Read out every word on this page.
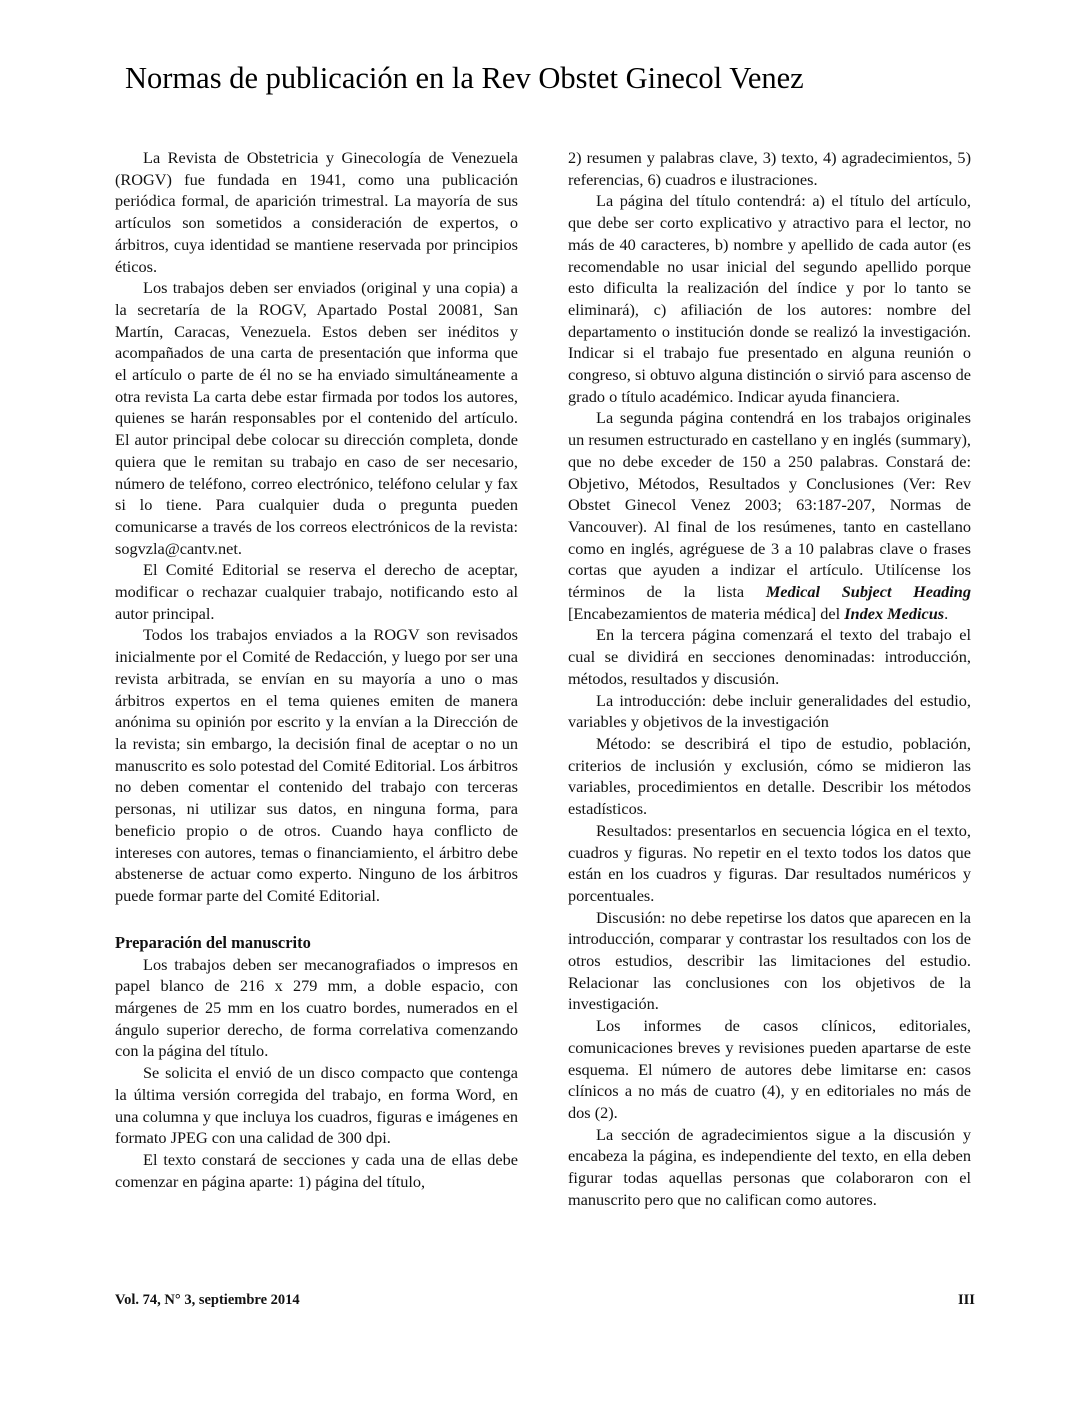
Normas de publicación en la Rev Obstet Ginecol Venez

La Revista de Obstetricia y Ginecología de Venezuela (ROGV) fue fundada en 1941, como una publicación periódica formal, de aparición trimestral. La mayoría de sus artículos son sometidos a consideración de expertos, o árbitros, cuya identidad se mantiene reservada por principios éticos.

Los trabajos deben ser enviados (original y una copia) a la secretaría de la ROGV, Apartado Postal 20081, San Martín, Caracas, Venezuela. Estos deben ser inéditos y acompañados de una carta de presentación que informa que el artículo o parte de él no se ha enviado simultáneamente a otra revista La carta debe estar firmada por todos los autores, quienes se harán responsables por el contenido del artículo. El autor principal debe colocar su dirección completa, donde quiera que le remitan su trabajo en caso de ser necesario, número de teléfono, correo electrónico, teléfono celular y fax si lo tiene. Para cualquier duda o pregunta pueden comunicarse a través de los correos electrónicos de la revista: sogvzla@cantv.net.

El Comité Editorial se reserva el derecho de aceptar, modificar o rechazar cualquier trabajo, notificando esto al autor principal.

Todos los trabajos enviados a la ROGV son revisados inicialmente por el Comité de Redacción, y luego por ser una revista arbitrada, se envían en su mayoría a uno o mas árbitros expertos en el tema quienes emiten de manera anónima su opinión por escrito y la envían a la Dirección de la revista; sin embargo, la decisión final de aceptar o no un manuscrito es solo potestad del Comité Editorial. Los árbitros no deben comentar el contenido del trabajo con terceras personas, ni utilizar sus datos, en ninguna forma, para beneficio propio o de otros. Cuando haya conflicto de intereses con autores, temas o financiamiento, el árbitro debe abstenerse de actuar como experto. Ninguno de los árbitros puede formar parte del Comité Editorial.

Preparación del manuscrito

Los trabajos deben ser mecanografiados o impresos en papel blanco de 216 x 279 mm, a doble espacio, con márgenes de 25 mm en los cuatro bordes, numerados en el ángulo superior derecho, de forma correlativa comenzando con la página del título.

Se solicita el envió de un disco compacto que contenga la última versión corregida del trabajo, en forma Word, en una columna y que incluya los cuadros, figuras e imágenes en formato JPEG con una calidad de 300 dpi.

El texto constará de secciones y cada una de ellas debe comenzar en página aparte: 1) página del título,

2) resumen y palabras clave, 3) texto, 4) agradecimientos, 5) referencias, 6) cuadros e ilustraciones.

La página del título contendrá: a) el título del artículo, que debe ser corto explicativo y atractivo para el lector, no más de 40 caracteres, b) nombre y apellido de cada autor (es recomendable no usar inicial del segundo apellido porque esto dificulta la realización del índice y por lo tanto se eliminará), c) afiliación de los autores: nombre del departamento o institución donde se realizó la investigación. Indicar si el trabajo fue presentado en alguna reunión o congreso, si obtuvo alguna distinción o sirvió para ascenso de grado o título académico. Indicar ayuda financiera.

La segunda página contendrá en los trabajos originales un resumen estructurado en castellano y en inglés (summary), que no debe exceder de 150 a 250 palabras. Constará de: Objetivo, Métodos, Resultados y Conclusiones (Ver: Rev Obstet Ginecol Venez 2003; 63:187-207, Normas de Vancouver). Al final de los resúmenes, tanto en castellano como en inglés, agréguese de 3 a 10 palabras clave o frases cortas que ayuden a indizar el artículo. Utilícense los términos de la lista Medical Subject Heading [Encabezamientos de materia médica] del Index Medicus.

En la tercera página comenzará el texto del trabajo el cual se dividirá en secciones denominadas: introducción, métodos, resultados y discusión.

La introducción: debe incluir generalidades del estudio, variables y objetivos de la investigación

Método: se describirá el tipo de estudio, población, criterios de inclusión y exclusión, cómo se midieron las variables, procedimientos en detalle. Describir los métodos estadísticos.

Resultados: presentarlos en secuencia lógica en el texto, cuadros y figuras. No repetir en el texto todos los datos que están en los cuadros y figuras. Dar resultados numéricos y porcentuales.

Discusión: no debe repetirse los datos que aparecen en la introducción, comparar y contrastar los resultados con los de otros estudios, describir las limitaciones del estudio. Relacionar las conclusiones con los objetivos de la investigación.

Los informes de casos clínicos, editoriales, comunicaciones breves y revisiones pueden apartarse de este esquema. El número de autores debe limitarse en: casos clínicos a no más de cuatro (4), y en editoriales no más de dos (2).

La sección de agradecimientos sigue a la discusión y encabeza la página, es independiente del texto, en ella deben figurar todas aquellas personas que colaboraron con el manuscrito pero que no califican como autores.

Vol. 74, N° 3, septiembre 2014	III
